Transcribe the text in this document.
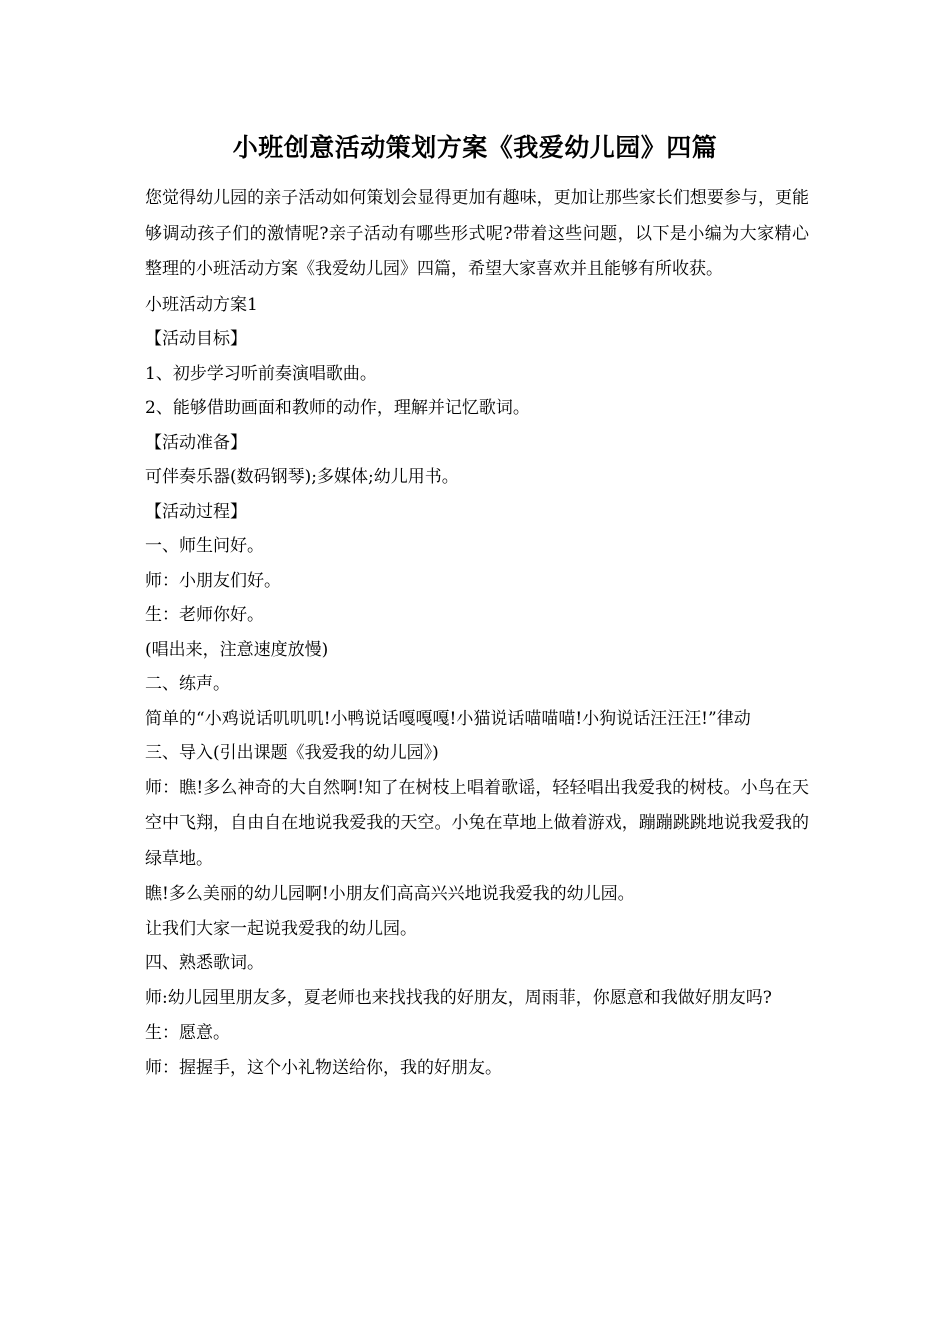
小班创意活动策划方案《我爱幼儿园》四篇

您觉得幼儿园的亲子活动如何策划会显得更加有趣味，更加让那些家长们想要参与，更能够调动孩子们的激情呢?亲子活动有哪些形式呢?带着这些问题，以下是小编为大家精心整理的小班活动方案《我爱幼儿园》四篇，希望大家喜欢并且能够有所收获。

小班活动方案1

【活动目标】

1、初步学习听前奏演唱歌曲。

2、能够借助画面和教师的动作，理解并记忆歌词。

【活动准备】

可伴奏乐器(数码钢琴);多媒体;幼儿用书。

【活动过程】

一、师生问好。

师：小朋友们好。

生：老师你好。

(唱出来，注意速度放慢)

二、练声。

简单的“小鸡说话叽叽叽!小鸭说话嘎嘎嘎!小猫说话喵喵喵!小狗说话汪汪汪!”律动

三、导入(引出课题《我爱我的幼儿园》)

师：瞧!多么神奇的大自然啊!知了在树枝上唱着歌谣，轻轻唱出我爱我的树枝。小鸟在天空中飞翔，自由自在地说我爱我的天空。小兔在草地上做着游戏，蹦蹦跳跳地说我爱我的绿草地。

瞧!多么美丽的幼儿园啊!小朋友们高高兴兴地说我爱我的幼儿园。

让我们大家一起说我爱我的幼儿园。

四、熟悉歌词。

师:幼儿园里朋友多，夏老师也来找找我的好朋友，周雨菲，你愿意和我做好朋友吗?

生：愿意。

师：握握手，这个小礼物送给你，我的好朋友。
